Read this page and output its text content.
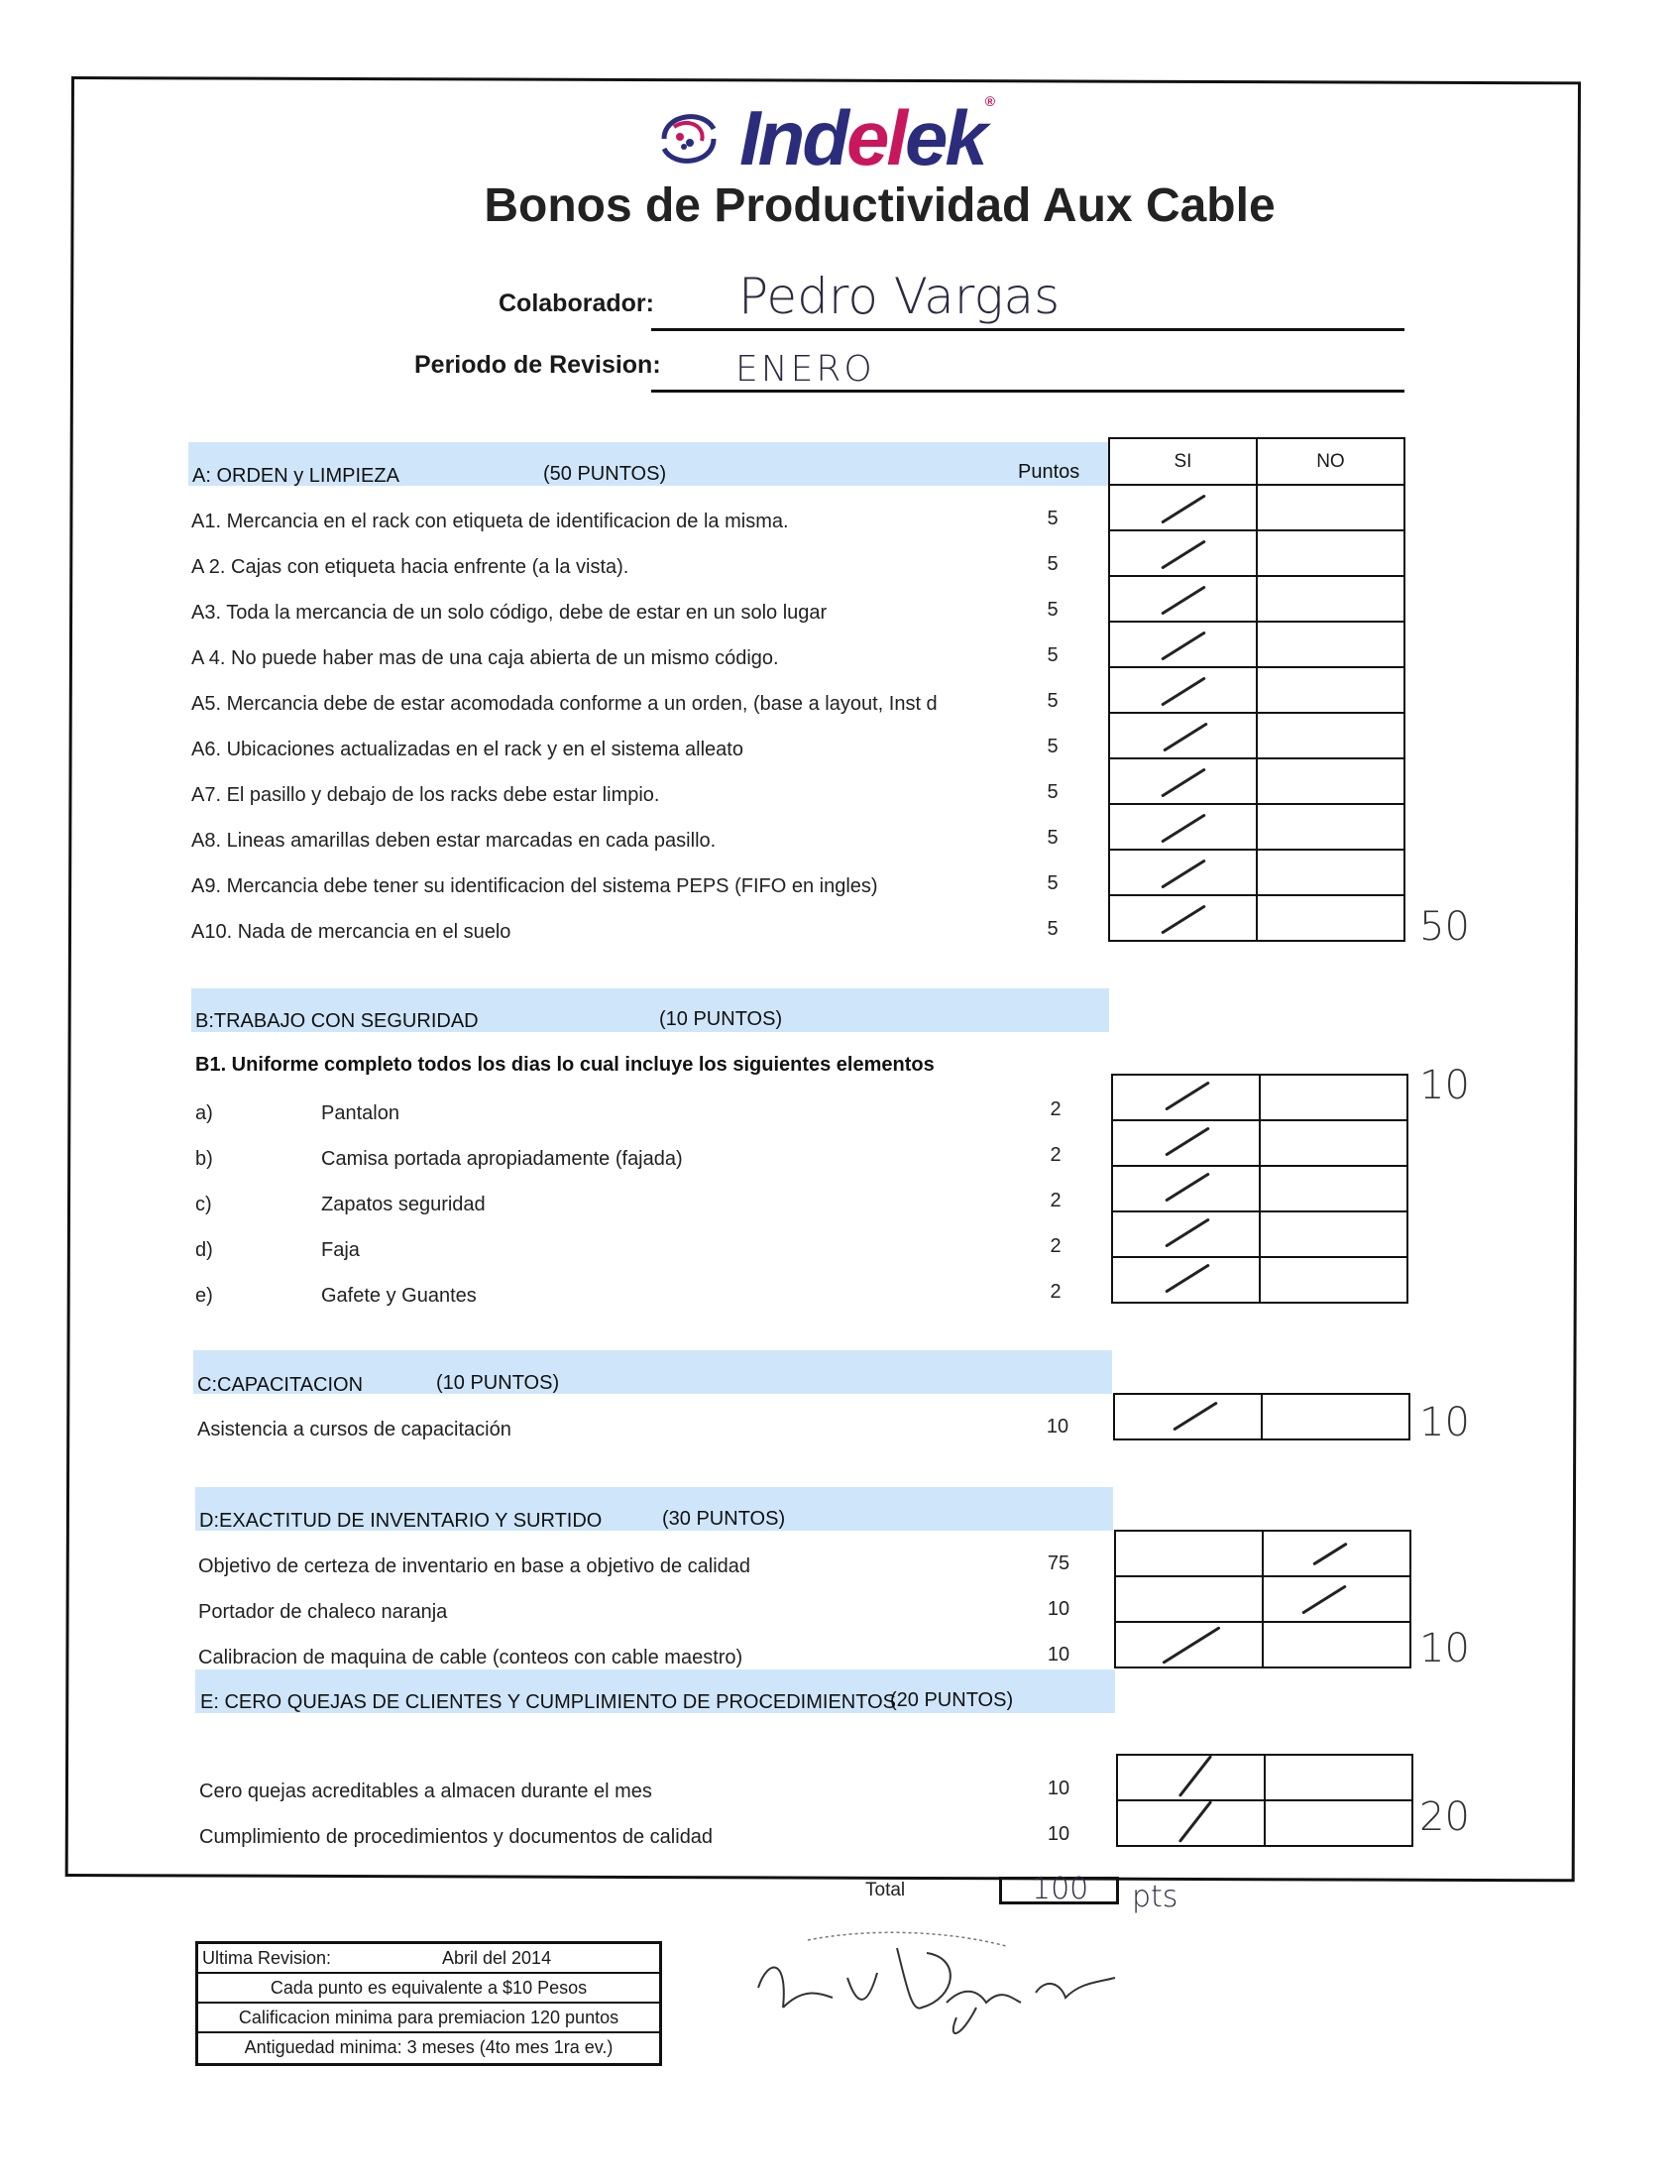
Indelek®
Bonos de Productividad Aux Cable
Colaborador: Pedro Vargas
Periodo de Revision: ENERO
A: ORDEN y LIMPIEZA	(50 PUNTOS)	Puntos	SI	NO

A1. Mercancia en el rack con etiqueta de identificacion de la misma.	5
A 2. Cajas con etiqueta hacia enfrente (a la vista).	5
A3. Toda la mercancia de un solo código, debe de estar en un solo lugar	5
A 4. No puede haber mas de una caja abierta de un mismo código.	5
A5. Mercancia debe de estar acomodada conforme a un orden, (base a layout, Inst d	5
A6. Ubicaciones actualizadas en el rack y en el sistema alleato	5
A7. El pasillo y debajo de los racks debe estar limpio.	5
A8. Lineas amarillas deben estar marcadas en cada pasillo.	5
A9. Mercancia debe tener su identificacion del sistema PEPS (FIFO en ingles)	5
A10. Nada de mercancia en el suelo	5	50
B:TRABAJO CON SEGURIDAD	(10 PUNTOS)
B1. Uniforme completo todos los dias lo cual incluye los siguientes elementos

a)	Pantalon	2
b)	Camisa portada apropiadamente (fajada)	2
c)	Zapatos seguridad	2
d)	Faja	2
e)	Gafete y Guantes	2
10
C:CAPACITACION	(10 PUNTOS)

Asistencia a cursos de capacitación	10	10
D:EXACTITUD DE INVENTARIO Y SURTIDO	(30 PUNTOS)

Objetivo de certeza de inventario en base a objetivo de calidad	75
Portador de chaleco naranja	10
Calibracion de maquina de cable (conteos con cable maestro)	10	10
E: CERO QUEJAS DE CLIENTES Y CUMPLIMIENTO DE PROCEDIMIENTOS
(20 PUNTOS)

Cero quejas acreditables a almacen durante el mes	10
Cumplimiento de procedimientos y documentos de calidad	10	20
Total	100 pts
Ultima Revision:	Abril del 2014
Cada punto es equivalente a $10 Pesos
Calificacion minima para premiacion 120 puntos
Antiguedad minima: 3 meses (4to mes 1ra ev.)
